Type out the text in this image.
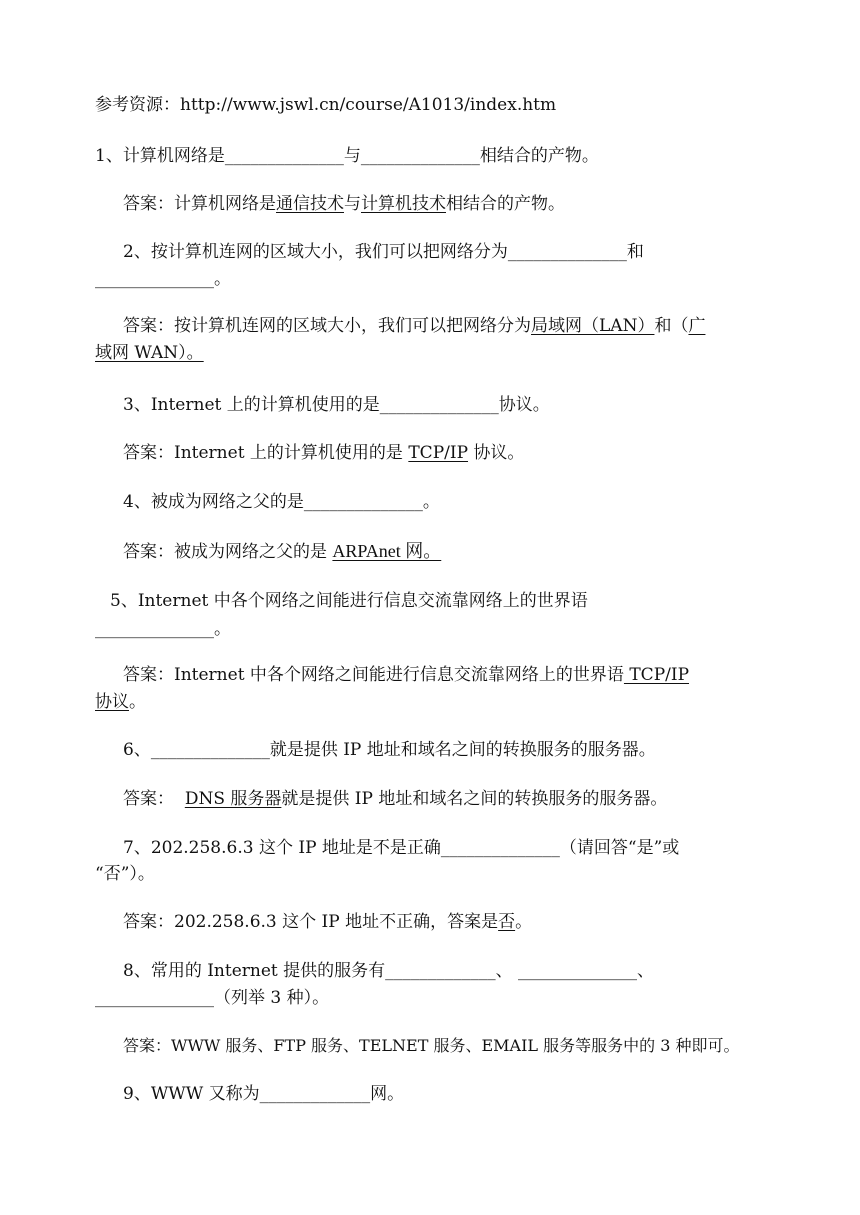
参考资源：http://www.jswl.cn/course/A1013/index.htm
1、计算机网络是______________与______________相结合的产物。
答案：计算机网络是通信技术与计算机技术相结合的产物。
2、按计算机连网的区域大小，我们可以把网络分为______________和
______________。
答案：按计算机连网的区域大小，我们可以把网络分为局域网（LAN）和（广
域网 WAN）。
3、Internet 上的计算机使用的是______________协议。
答案：Internet 上的计算机使用的是 TCP/IP 协议。
4、被成为网络之父的是______________。
答案：被成为网络之父的是 ARPAnet 网。
5、Internet 中各个网络之间能进行信息交流靠网络上的世界语
______________。
答案：Internet 中各个网络之间能进行信息交流靠网络上的世界语 TCP/IP
协议。
6、______________就是提供 IP 地址和域名之间的转换服务的服务器。
答案：  DNS 服务器就是提供 IP 地址和域名之间的转换服务的服务器。
7、202.258.6.3 这个 IP 地址是不是正确______________（请回答“是”或
“否”）。
答案：202.258.6.3 这个 IP 地址不正确，答案是否。
8、常用的 Internet 提供的服务有_____________、 ______________、
______________（列举 3 种）。
答案：WWW 服务、FTP 服务、TELNET 服务、EMAIL 服务等服务中的 3 种即可。
9、WWW 又称为_____________网。
